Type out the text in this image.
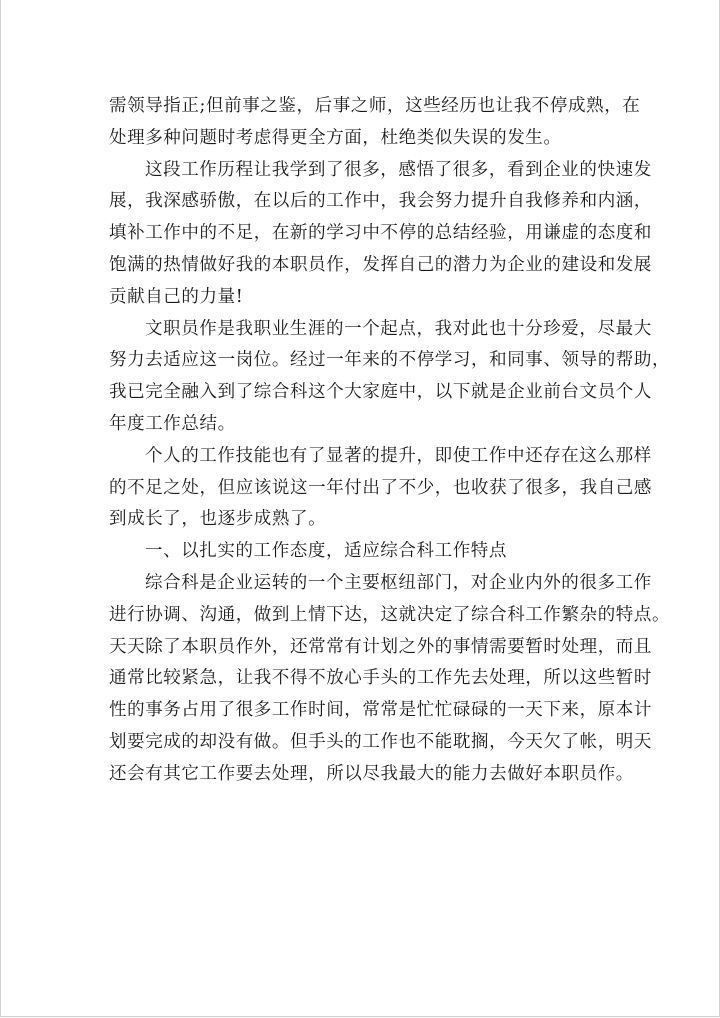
需领导指正;但前事之鉴，后事之师，这些经历也让我不停成熟，在
处理多种问题时考虑得更全方面，杜绝类似失误的发生。
这段工作历程让我学到了很多，感悟了很多，看到企业的快速发
展，我深感骄傲，在以后的工作中，我会努力提升自我修养和内涵，
填补工作中的不足，在新的学习中不停的总结经验，用谦虚的态度和
饱满的热情做好我的本职员作，发挥自己的潜力为企业的建设和发展
贡献自己的力量!
文职员作是我职业生涯的一个起点，我对此也十分珍爱，尽最大
努力去适应这一岗位。经过一年来的不停学习，和同事、领导的帮助，
我已完全融入到了综合科这个大家庭中，以下就是企业前台文员个人
年度工作总结。
个人的工作技能也有了显著的提升，即使工作中还存在这么那样
的不足之处，但应该说这一年付出了不少，也收获了很多，我自己感
到成长了，也逐步成熟了。
一、以扎实的工作态度，适应综合科工作特点
综合科是企业运转的一个主要枢纽部门，对企业内外的很多工作
进行协调、沟通，做到上情下达，这就决定了综合科工作繁杂的特点。
天天除了本职员作外，还常常有计划之外的事情需要暂时处理，而且
通常比较紧急，让我不得不放心手头的工作先去处理，所以这些暂时
性的事务占用了很多工作时间，常常是忙忙碌碌的一天下来，原本计
划要完成的却没有做。但手头的工作也不能耽搁，今天欠了帐，明天
还会有其它工作要去处理，所以尽我最大的能力去做好本职员作。
